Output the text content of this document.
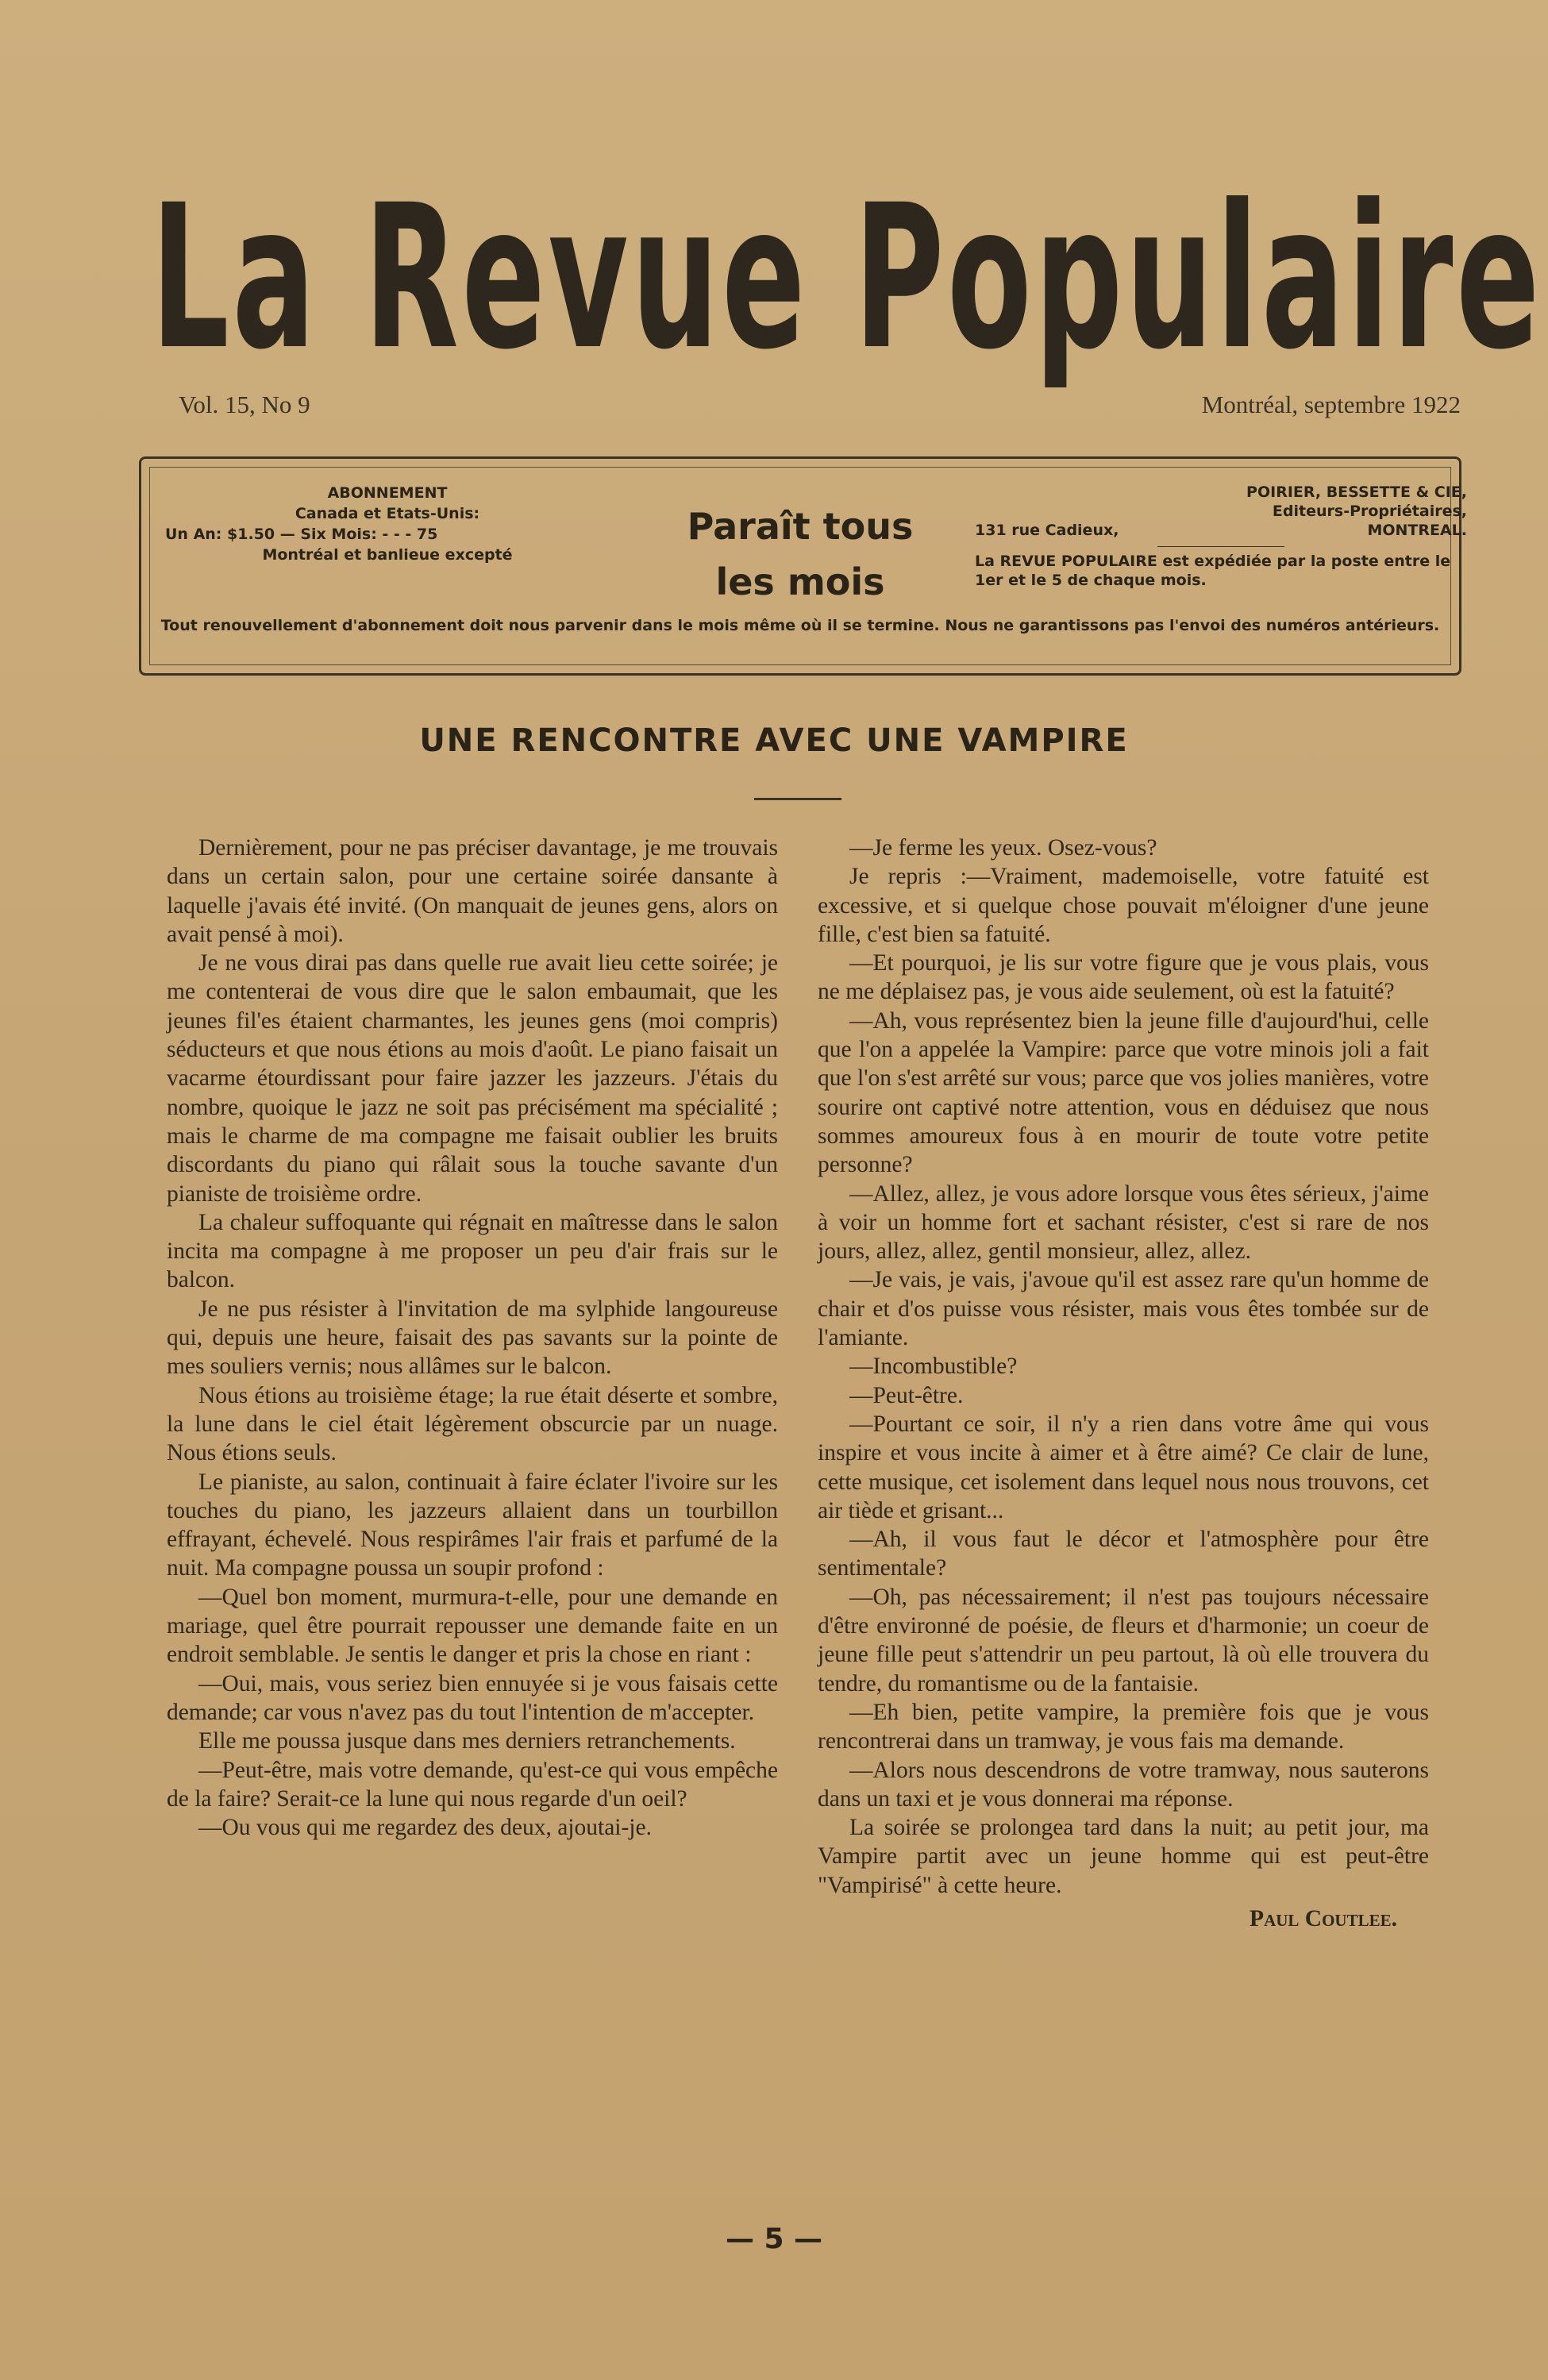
La Revue Populaire
Vol. 15, No 9	Montréal, septembre 1922
ABONNEMENT
Canada et Etats-Unis:
Un An: $1.50 — Six Mois: - - - 75
Montréal et banlieue excepté
Paraît tous
les mois
POIRIER, BESSETTE & CIE,
Editeurs-Propriétaires,
131 rue Cadieux,	MONTREAL.
La REVUE POPULAIRE est expédiée par la poste entre le 1er et le 5 de chaque mois.
Tout renouvellement d'abonnement doit nous parvenir dans le mois même où il se termine. Nous ne garantissons pas l'envoi des numéros antérieurs.
UNE RENCONTRE AVEC UNE VAMPIRE

Dernièrement, pour ne pas préciser davantage, je me trouvais dans un certain salon, pour une certaine soirée dansante à laquelle j'avais été invité. (On manquait de jeunes gens, alors on avait pensé à moi).

Je ne vous dirai pas dans quelle rue avait lieu cette soirée; je me contenterai de vous dire que le salon embaumait, que les jeunes fil'es étaient charmantes, les jeunes gens (moi compris) séducteurs et que nous étions au mois d'août. Le piano faisait un vacarme étourdissant pour faire jazzer les jazzeurs. J'étais du nombre, quoique le jazz ne soit pas précisément ma spécialité ; mais le charme de ma compagne me faisait oublier les bruits discordants du piano qui râlait sous la touche savante d'un pianiste de troisième ordre.

La chaleur suffoquante qui régnait en maîtresse dans le salon incita ma compagne à me proposer un peu d'air frais sur le balcon.

Je ne pus résister à l'invitation de ma sylphide langoureuse qui, depuis une heure, faisait des pas savants sur la pointe de mes souliers vernis; nous allâmes sur le balcon.

Nous étions au troisième étage; la rue était déserte et sombre, la lune dans le ciel était légèrement obscurcie par un nuage. Nous étions seuls.

Le pianiste, au salon, continuait à faire éclater l'ivoire sur les touches du piano, les jazzeurs allaient dans un tourbillon effrayant, échevelé. Nous respirâmes l'air frais et parfumé de la nuit. Ma compagne poussa un soupir profond :

—Quel bon moment, murmura-t-elle, pour une demande en mariage, quel être pourrait repousser une demande faite en un endroit semblable. Je sentis le danger et pris la chose en riant :

—Oui, mais, vous seriez bien ennuyée si je vous faisais cette demande; car vous n'avez pas du tout l'intention de m'accepter.

Elle me poussa jusque dans mes derniers retranchements.

—Peut-être, mais votre demande, qu'est-ce qui vous empêche de la faire? Serait-ce la lune qui nous regarde d'un oeil?

—Ou vous qui me regardez des deux, ajoutai-je.

—Je ferme les yeux. Osez-vous?

Je repris :—Vraiment, mademoiselle, votre fatuité est excessive, et si quelque chose pouvait m'éloigner d'une jeune fille, c'est bien sa fatuité.

—Et pourquoi, je lis sur votre figure que je vous plais, vous ne me déplaisez pas, je vous aide seulement, où est la fatuité?

—Ah, vous représentez bien la jeune fille d'aujourd'hui, celle que l'on a appelée la Vampire: parce que votre minois joli a fait que l'on s'est arrêté sur vous; parce que vos jolies manières, votre sourire ont captivé notre attention, vous en déduisez que nous sommes amoureux fous à en mourir de toute votre petite personne?

—Allez, allez, je vous adore lorsque vous êtes sérieux, j'aime à voir un homme fort et sachant résister, c'est si rare de nos jours, allez, allez, gentil monsieur, allez, allez.

—Je vais, je vais, j'avoue qu'il est assez rare qu'un homme de chair et d'os puisse vous résister, mais vous êtes tombée sur de l'amiante.

—Incombustible?

—Peut-être.

—Pourtant ce soir, il n'y a rien dans votre âme qui vous inspire et vous incite à aimer et à être aimé? Ce clair de lune, cette musique, cet isolement dans lequel nous nous trouvons, cet air tiède et grisant...

—Ah, il vous faut le décor et l'atmosphère pour être sentimentale?

—Oh, pas nécessairement; il n'est pas toujours nécessaire d'être environné de poésie, de fleurs et d'harmonie; un coeur de jeune fille peut s'attendrir un peu partout, là où elle trouvera du tendre, du romantisme ou de la fantaisie.

—Eh bien, petite vampire, la première fois que je vous rencontrerai dans un tramway, je vous fais ma demande.

—Alors nous descendrons de votre tramway, nous sauterons dans un taxi et je vous donnerai ma réponse.

La soirée se prolongea tard dans la nuit; au petit jour, ma Vampire partit avec un jeune homme qui est peut-être "Vampirisé" à cette heure.

Paul Coutlee.

— 5 —
